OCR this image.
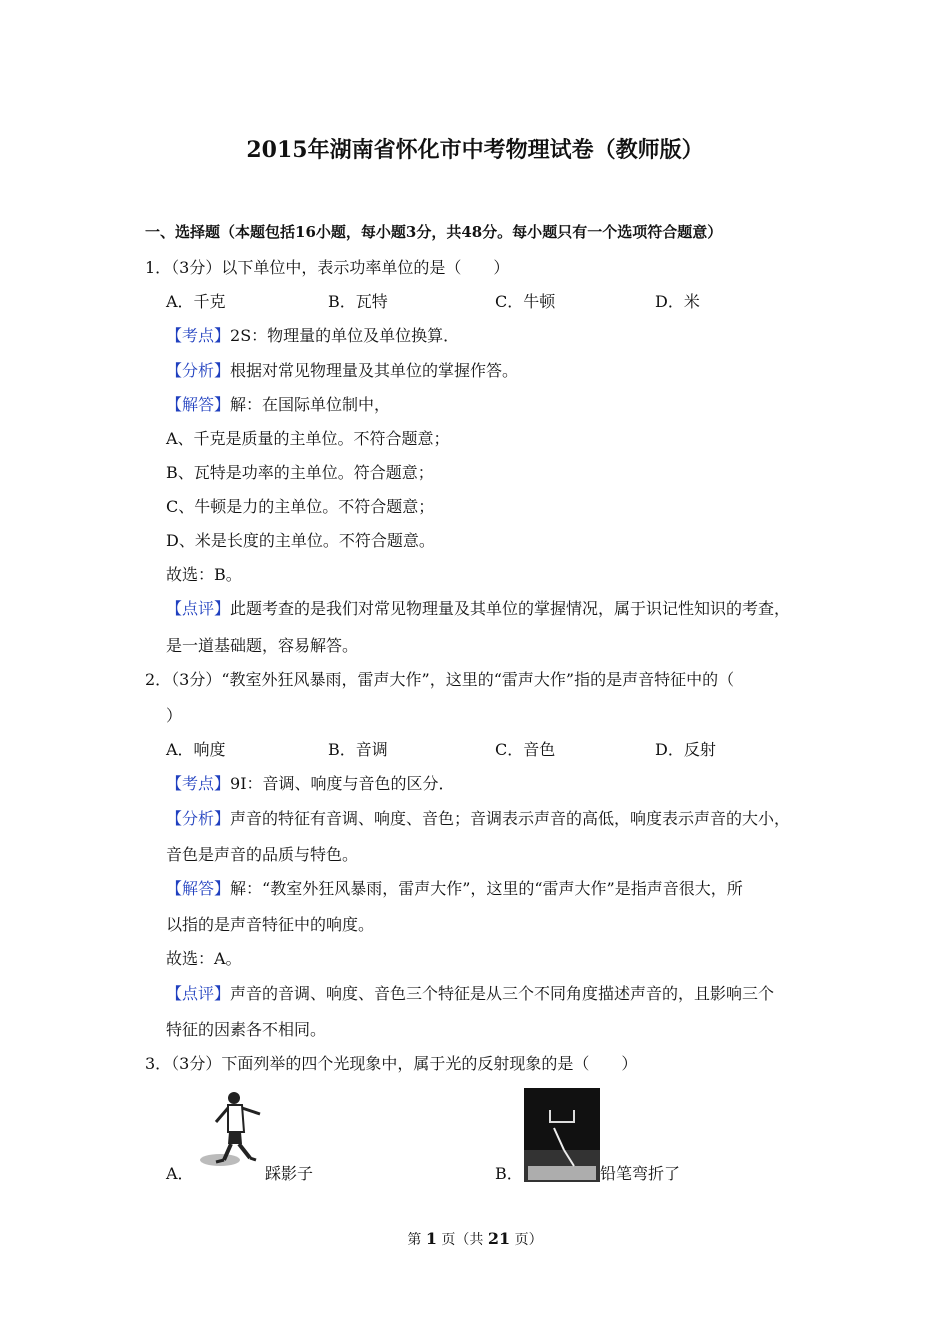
2015年湖南省怀化市中考物理试卷（教师版）
一、选择题（本题包括16小题，每小题3分，共48分。每小题只有一个选项符合题意）
1．（3分）以下单位中，表示功率单位的是（　　）
A．千克	B．瓦特	C．牛顿	D．米
【考点】2S：物理量的单位及单位换算．
【分析】根据对常见物理量及其单位的掌握作答。
【解答】解：在国际单位制中，
A、千克是质量的主单位。不符合题意；
B、瓦特是功率的主单位。符合题意；
C、牛顿是力的主单位。不符合题意；
D、米是长度的主单位。不符合题意。
故选：B。
【点评】此题考查的是我们对常见物理量及其单位的掌握情况，属于识记性知识的考查，
是一道基础题，容易解答。
2．（3分）“教室外狂风暴雨，雷声大作”，这里的“雷声大作”指的是声音特征中的（
）
A．响度	B．音调	C．音色	D．反射
【考点】9I：音调、响度与音色的区分．
【分析】声音的特征有音调、响度、音色；音调表示声音的高低，响度表示声音的大小，
音色是声音的品质与特色。
【解答】解：“教室外狂风暴雨，雷声大作”，这里的“雷声大作”是指声音很大，所
以指的是声音特征中的响度。
故选：A。
【点评】声音的音调、响度、音色三个特征是从三个不同角度描述声音的，且影响三个
特征的因素各不相同。
3．（3分）下面列举的四个光现象中，属于光的反射现象的是（　　）
A．	踩影子	B．	铅笔弯折了
第 1 页（共 21 页）
